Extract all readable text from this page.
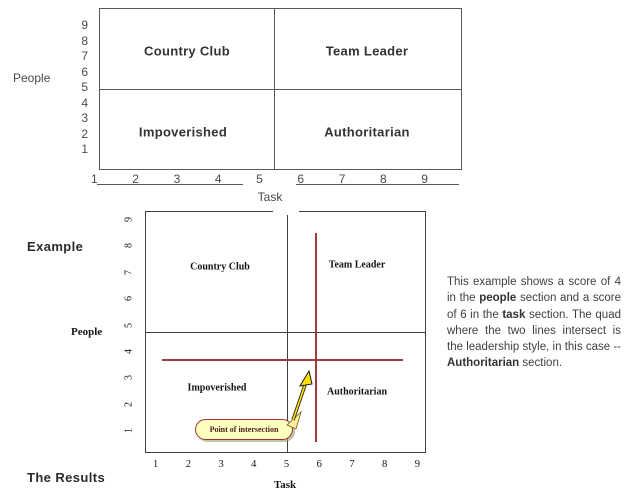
People
9
8
7
6
5
4
3
2
1
Country Club	Team Leader
Impoverished	Authoritarian
1	2	3	4	5	6	7	8	9
Task
Example
The Results
People
9
8
7
6
5
4
3
2
1
Country Club	Team Leader
Impoverished	Authoritarian
1	2	3	4	5	6	7	8	9
Task
Point of intersection
This example shows a score of 4 in the people section and a score of 6 in the task section. The quad where the two lines intersect is the leadership style, in this case -- Authoritarian section.
